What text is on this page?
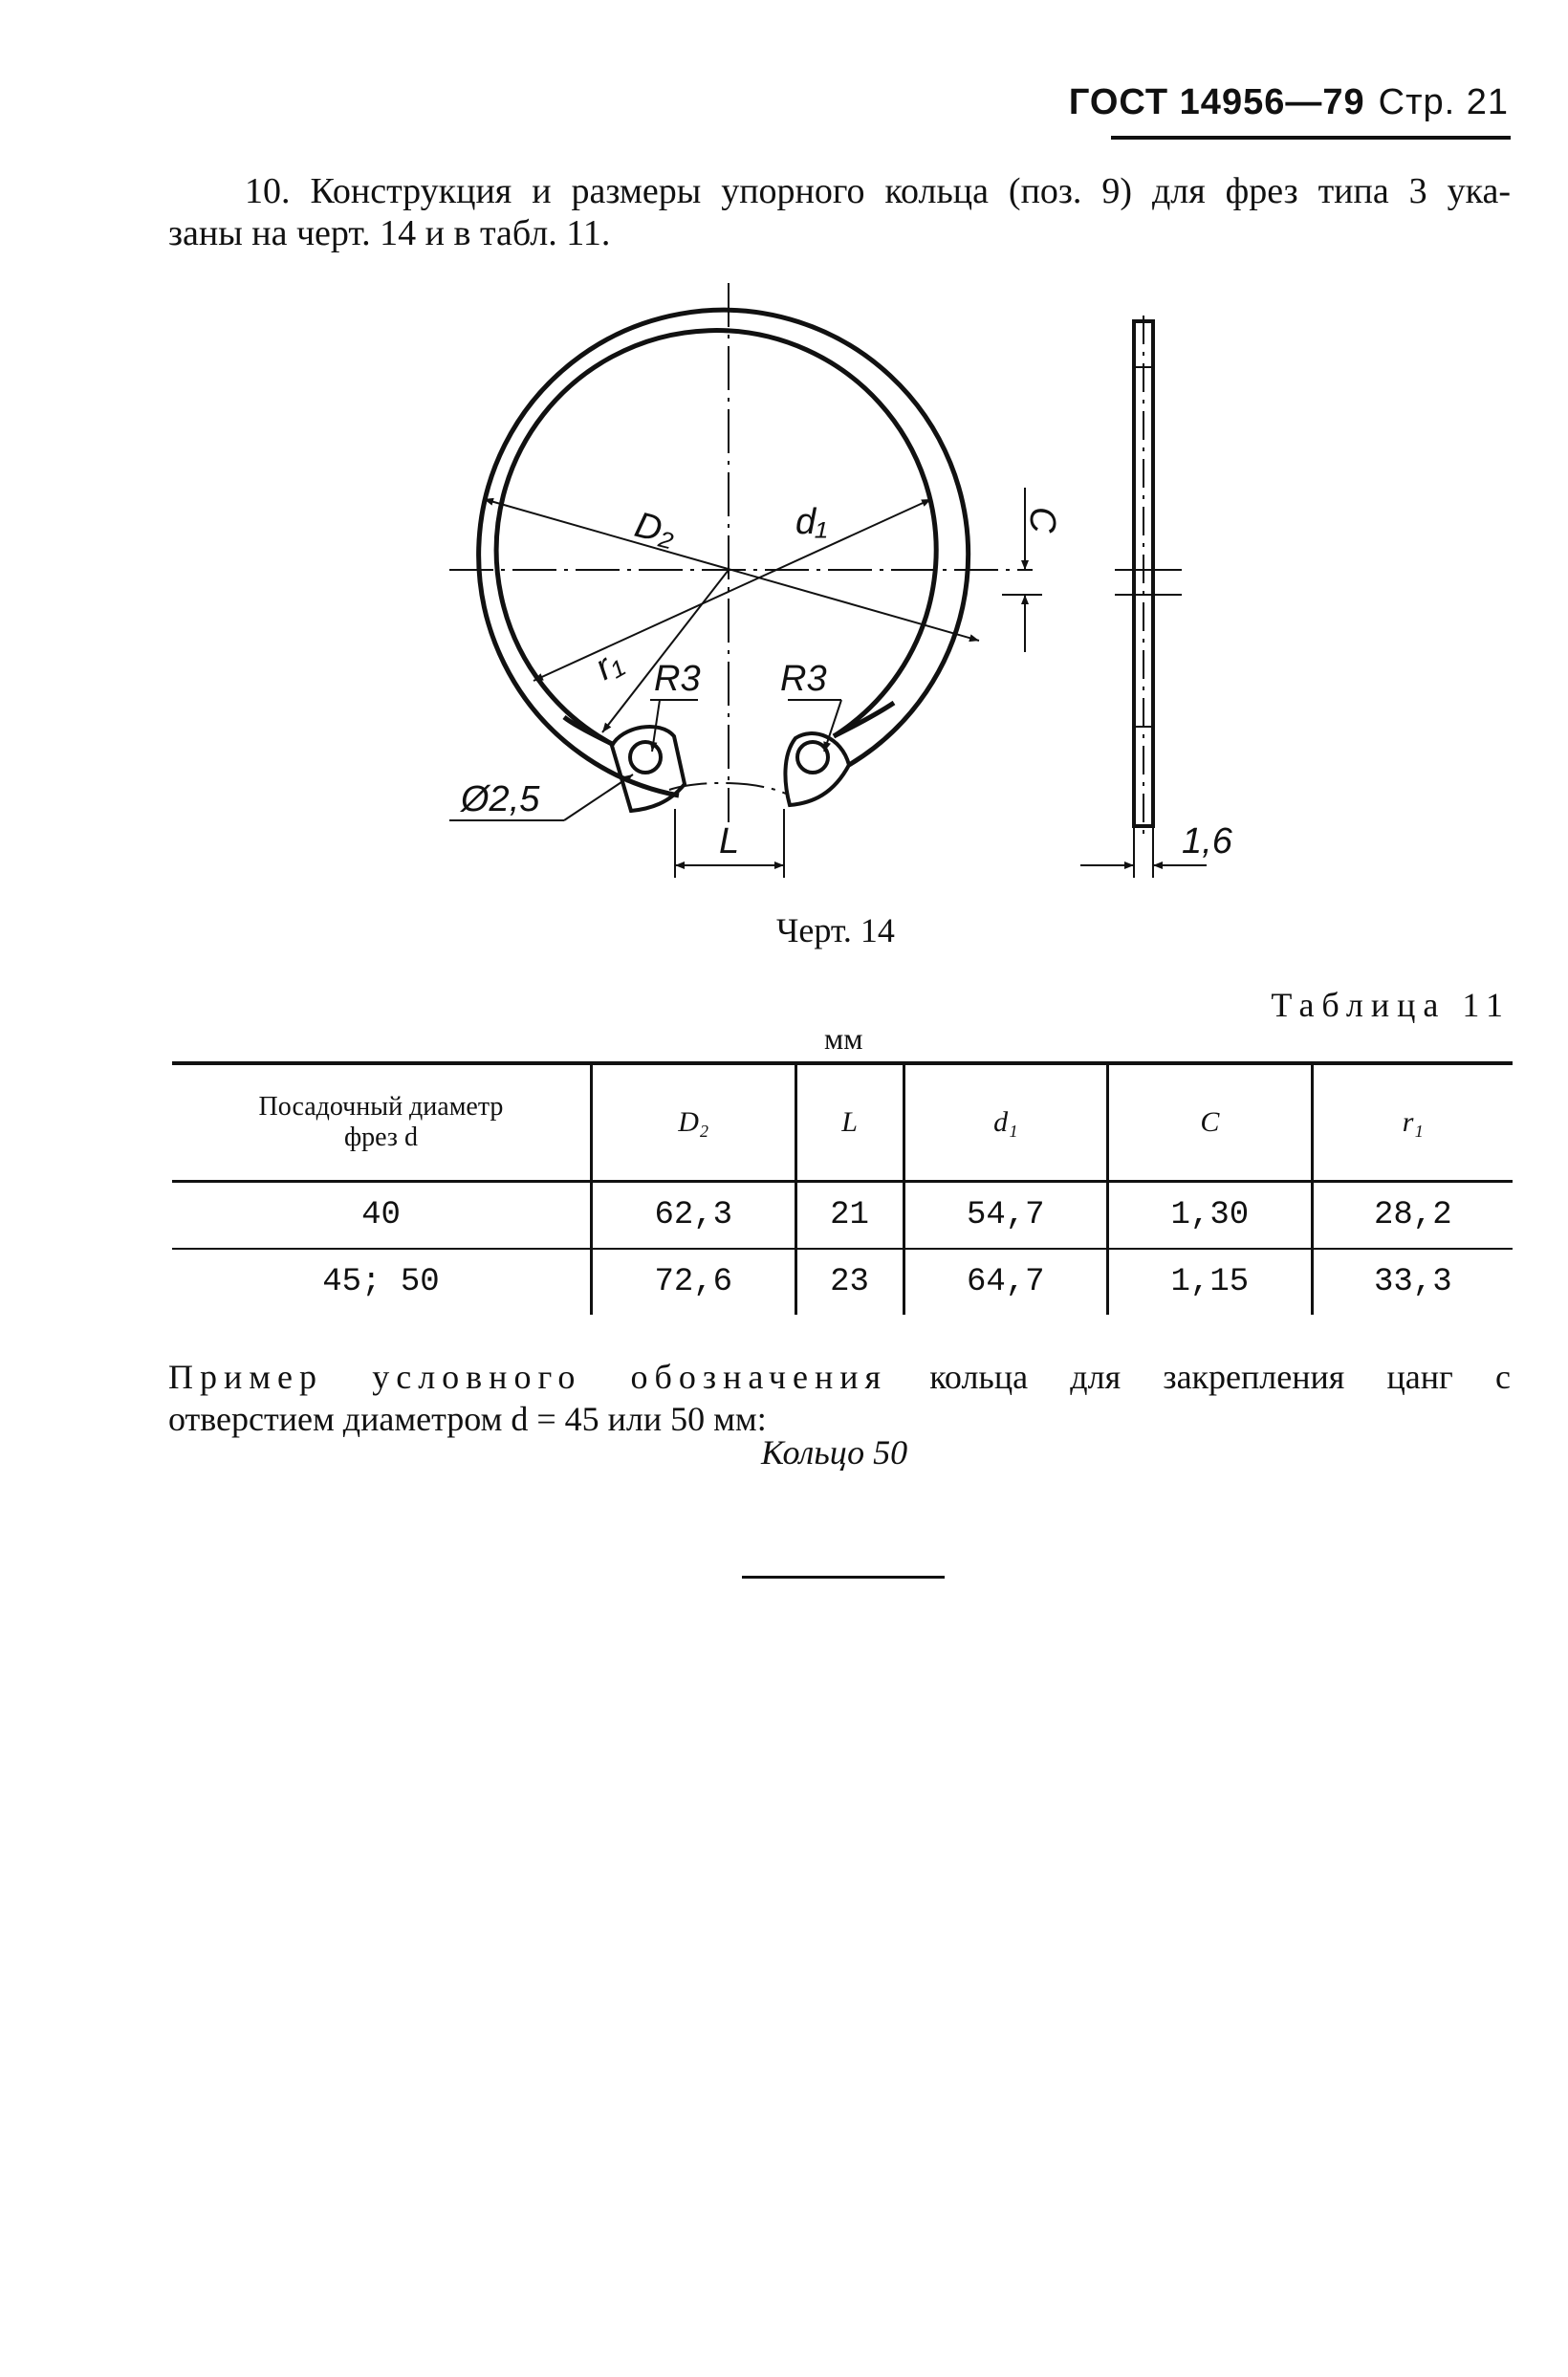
ГОСТ 14956—79 Стр. 21
10. Конструкция и размеры упорного кольца (поз. 9) для фрез типа 3 ука-
заны на черт. 14 и в табл. 11.
D₂	d₁
r₁ R3 R3
Ø2,5
L
C
1,6
Черт. 14
Таблица 11
мм
Посадочный диаметр
фрез d	D₂	L	d₁	C	r₁
40	62,3	21	54,7	1,30	28,2
45; 50	72,6	23	64,7	1,15	33,3
Пример условного обозначения кольца для закрепления цанг с
отверстием диаметром d = 45 или 50 мм:
Кольцо 50
